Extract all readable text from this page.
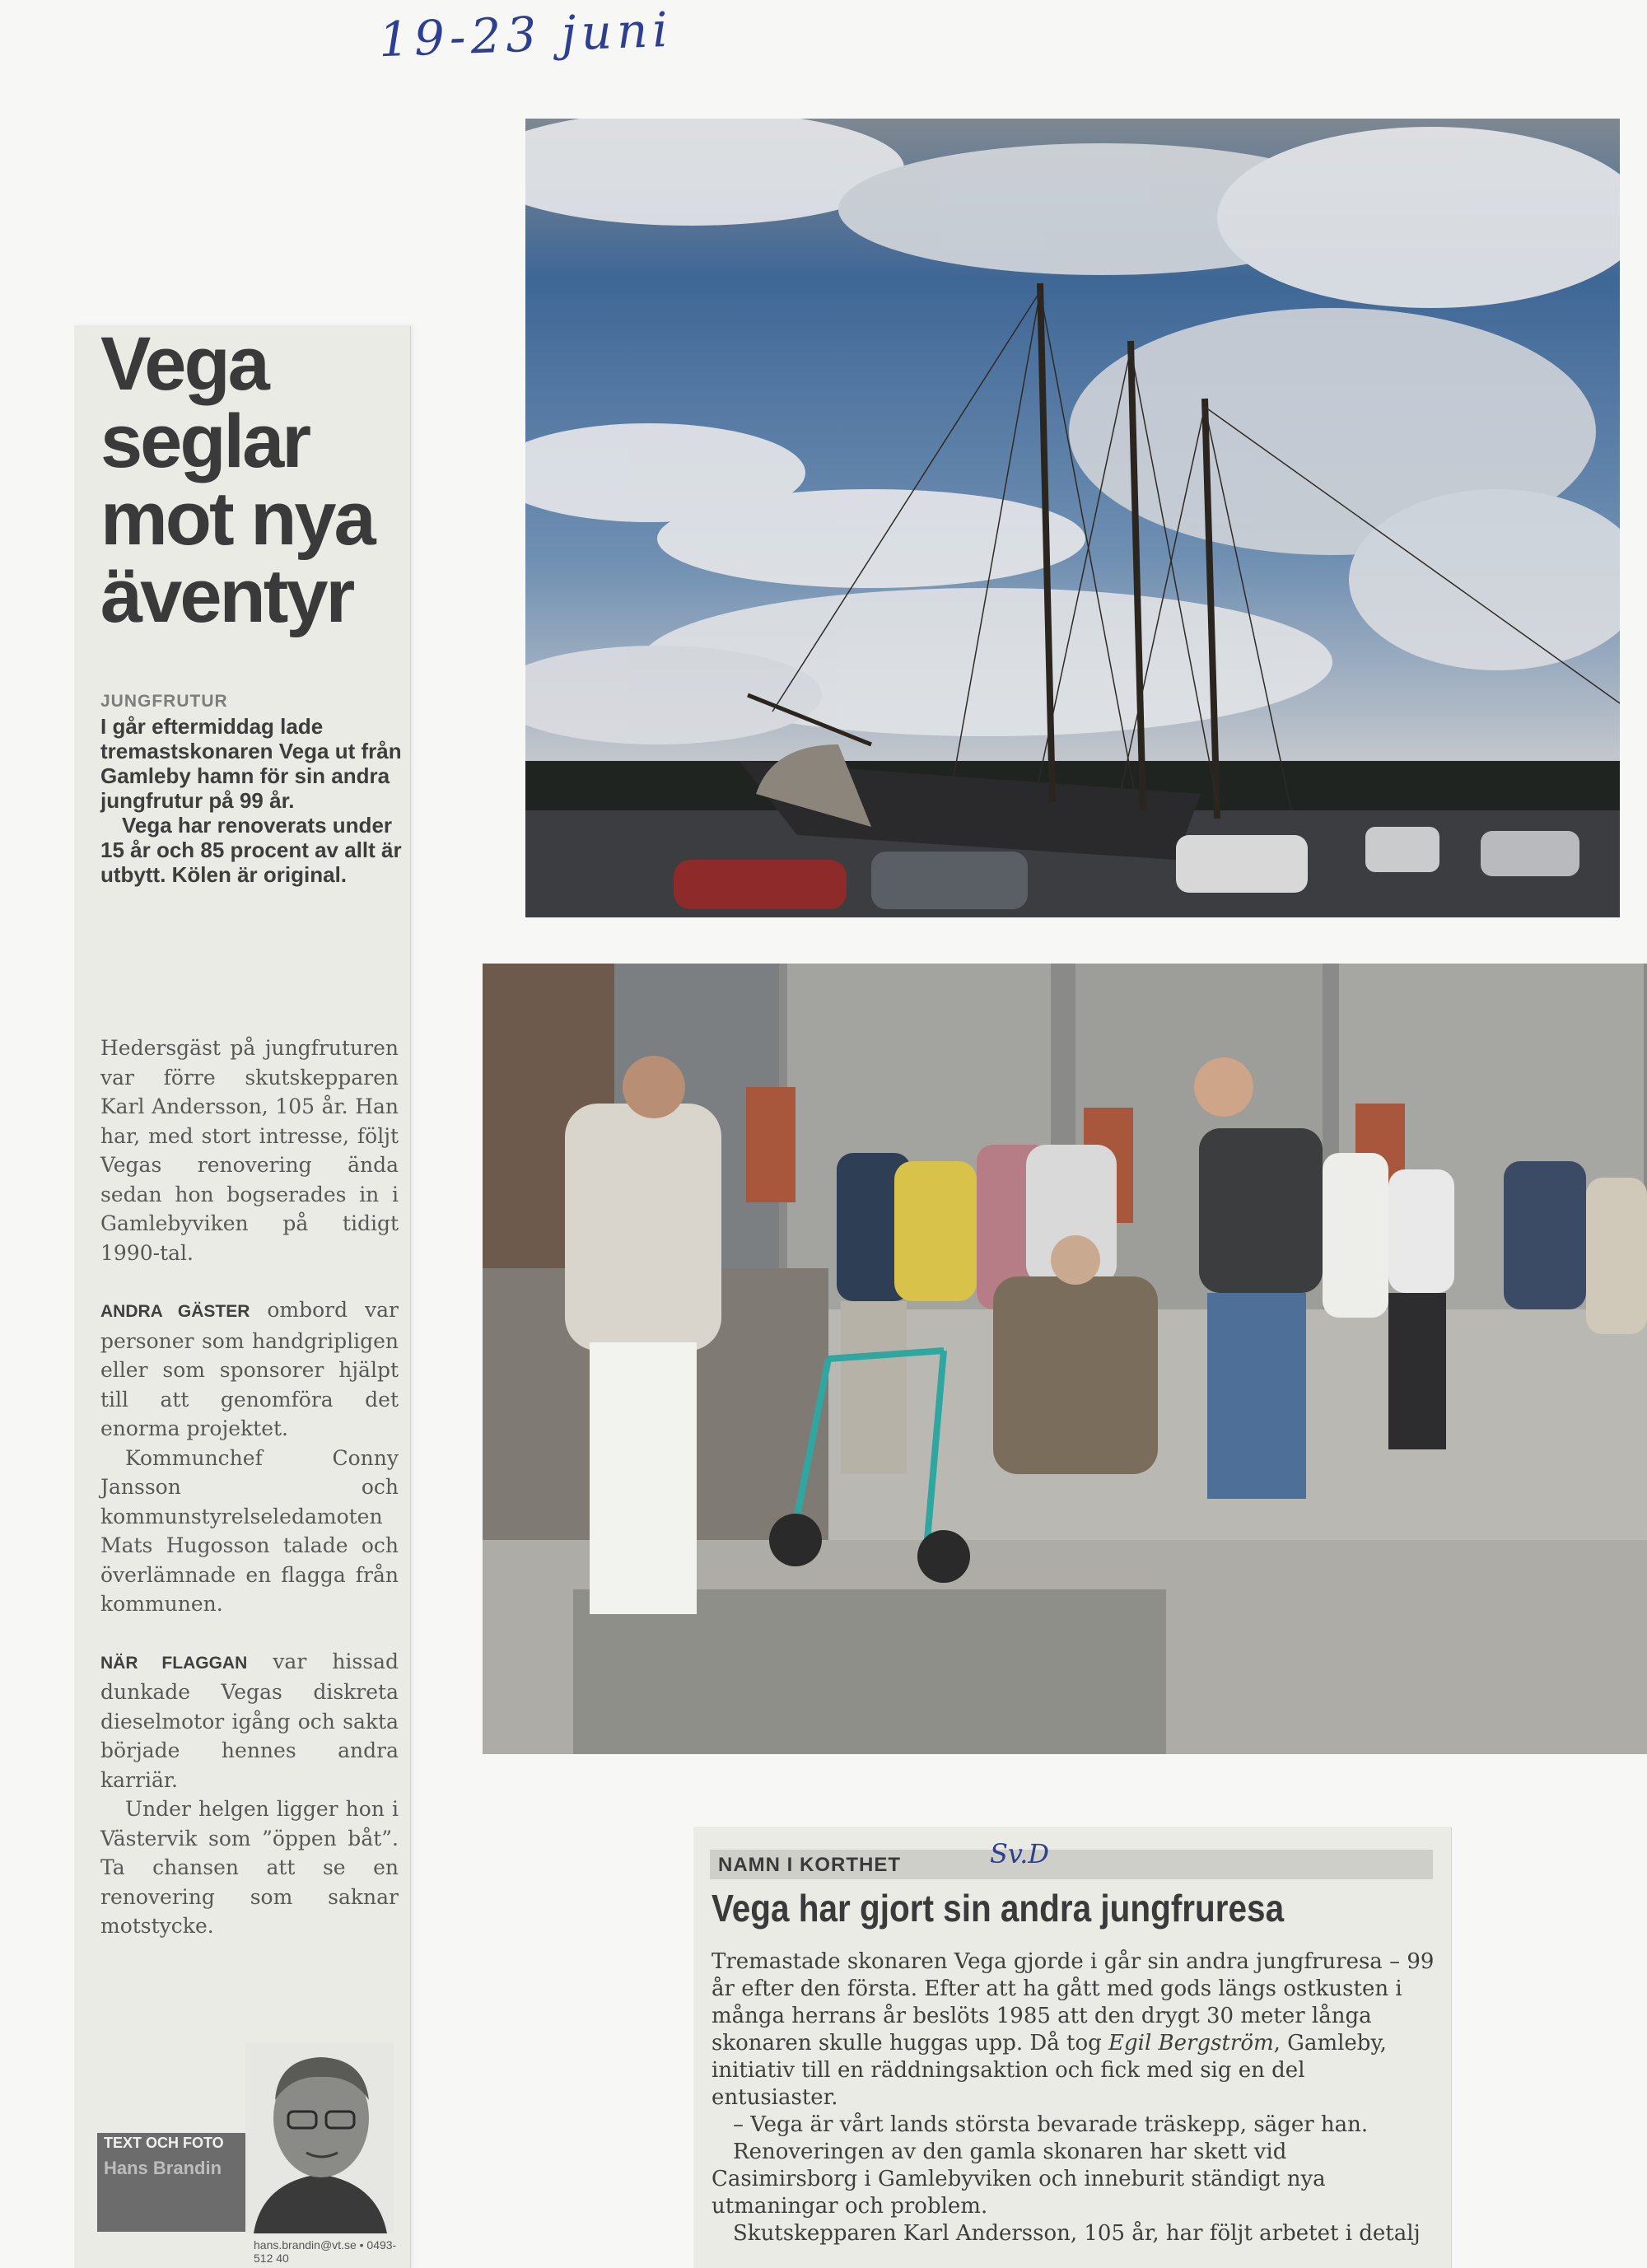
19-23 juni
Vega seglar mot nya äventyr
JUNGFRUTUR

I går eftermiddag lade tremastskonaren Vega ut från Gamleby hamn för sin andra jungfrutur på 99 år.

Vega har renoverats under 15 år och 85 procent av allt är utbytt. Kölen är original.

Hedersgäst på jungfruturen var förre skutskepparen Karl Andersson, 105 år. Han har, med stort intresse, följt Vegas renovering ända sedan hon bogserades in i Gamlebyviken på tidigt 1990-tal.

ANDRA GÄSTER ombord var personer som handgripligen eller som sponsorer hjälpt till att genomföra det enorma projektet.

Kommunchef Conny Jansson och kommunstyrelseledamoten Mats Hugosson talade och överlämnade en flagga från kommunen.

NÄR FLAGGAN var hissad dunkade Vegas diskreta dieselmotor igång och sakta började hennes andra karriär.

Under helgen ligger hon i Västervik som ”öppen båt”. Ta chansen att se en renovering som saknar motstycke.

TEXT OCH FOTO
Hans Brandin
hans.brandin@vt.se • 0493-512 40
NAMN I KORTHET	Sv.D
Vega har gjort sin andra jungfruresa

Tremastade skonaren Vega gjorde i går sin andra jungfruresa – 99 år efter den första. Efter att ha gått med gods längs ostkusten i många herrans år beslöts 1985 att den drygt 30 meter långa skonaren skulle huggas upp. Då tog Egil Bergström, Gamleby, initiativ till en räddningsaktion och fick med sig en del entusiaster.

– Vega är vårt lands största bevarade träskepp, säger han.

Renoveringen av den gamla skonaren har skett vid Casimirsborg i Gamlebyviken och inneburit ständigt nya utmaningar och problem.

Skutskepparen Karl Andersson, 105 år, har följt arbetet i detalj
